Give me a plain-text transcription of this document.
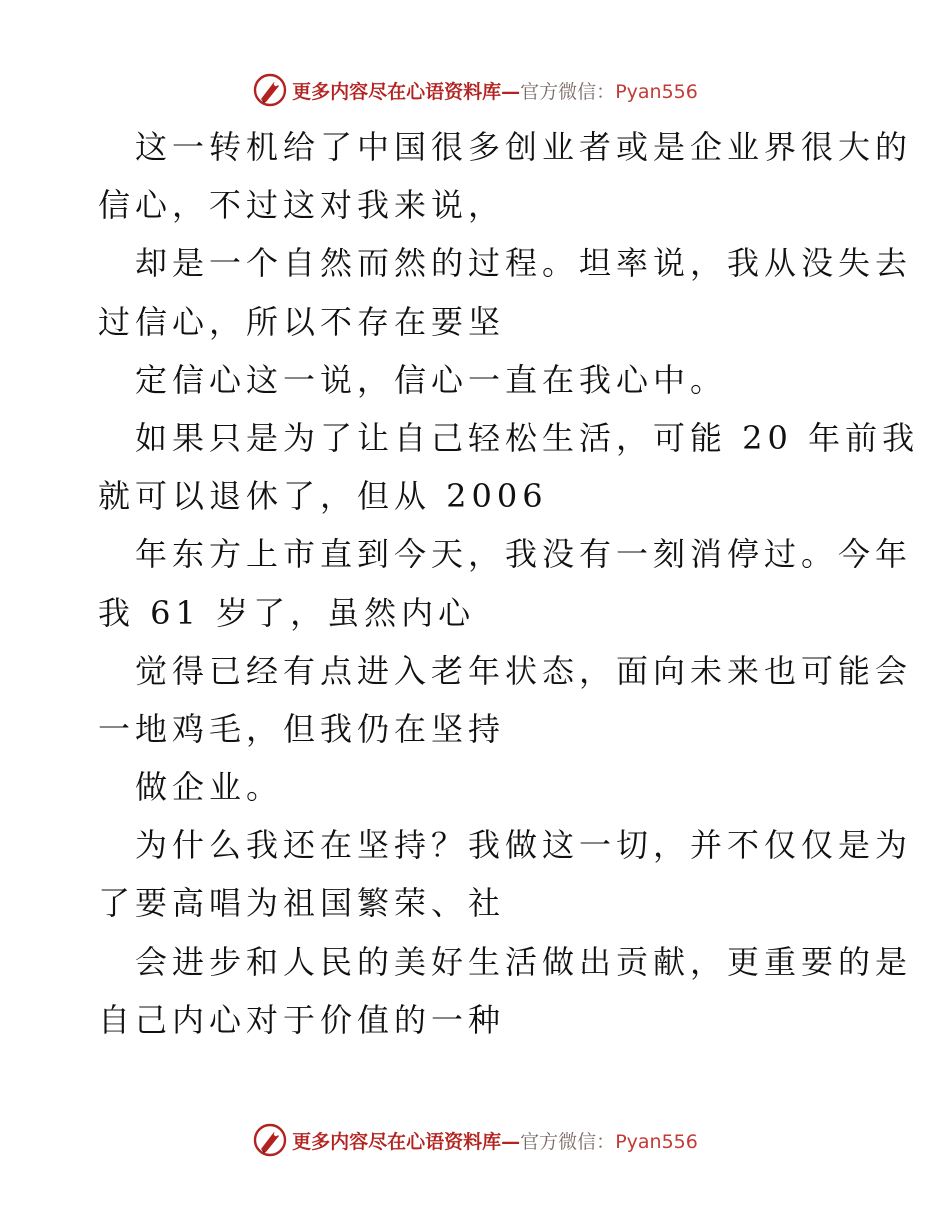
更多内容尽在心语资料库—官方微信：Pyan556
这一转机给了中国很多创业者或是企业界很大的
信心，不过这对我来说，
却是一个自然而然的过程。坦率说，我从没失去
过信心，所以不存在要坚
定信心这一说，信心一直在我心中。
如果只是为了让自己轻松生活，可能 20 年前我
就可以退休了，但从 2006
年东方上市直到今天，我没有一刻消停过。今年
我 61 岁了，虽然内心
觉得已经有点进入老年状态，面向未来也可能会
一地鸡毛，但我仍在坚持
做企业。
为什么我还在坚持？我做这一切，并不仅仅是为
了要高唱为祖国繁荣、社
会进步和人民的美好生活做出贡献，更重要的是
自己内心对于价值的一种
更多内容尽在心语资料库—官方微信：Pyan556
